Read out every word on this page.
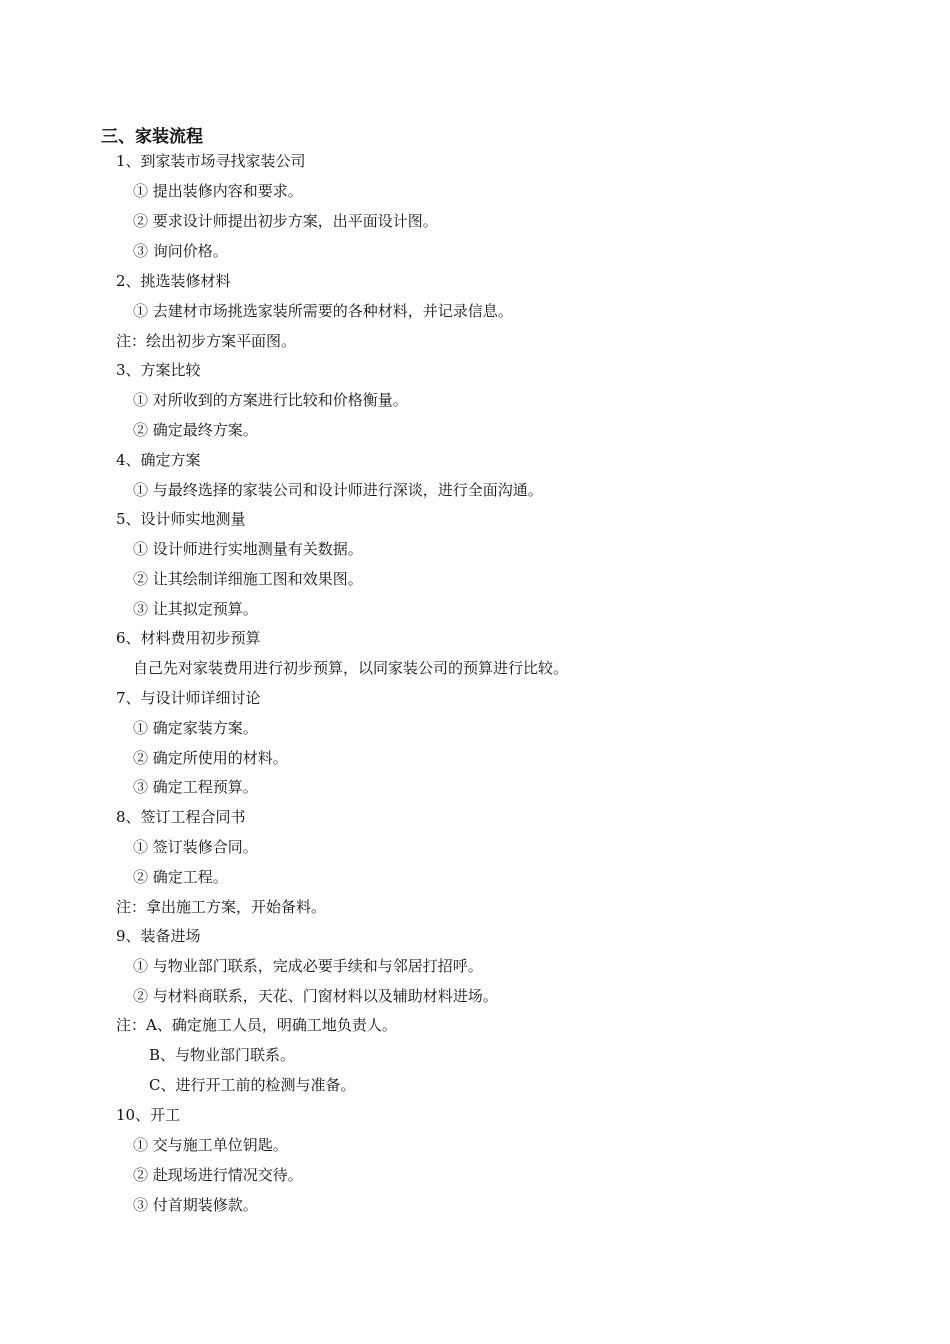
三、家装流程
1、到家装市场寻找家装公司
① 提出装修内容和要求。
② 要求设计师提出初步方案，出平面设计图。
③ 询问价格。
2、挑选装修材料
① 去建材市场挑选家装所需要的各种材料，并记录信息。
注：绘出初步方案平面图。
3、方案比较
① 对所收到的方案进行比较和价格衡量。
② 确定最终方案。
4、确定方案
① 与最终选择的家装公司和设计师进行深谈，进行全面沟通。
5、设计师实地测量
① 设计师进行实地测量有关数据。
② 让其绘制详细施工图和效果图。
③ 让其拟定预算。
6、材料费用初步预算
自己先对家装费用进行初步预算，以同家装公司的预算进行比较。
7、与设计师详细讨论
① 确定家装方案。
② 确定所使用的材料。
③ 确定工程预算。
8、签订工程合同书
① 签订装修合同。
② 确定工程。
注：拿出施工方案，开始备料。
9、装备进场
① 与物业部门联系，完成必要手续和与邻居打招呼。
② 与材料商联系，天花、门窗材料以及辅助材料进场。
注：A、确定施工人员，明确工地负责人。
B、与物业部门联系。
C、进行开工前的检测与准备。
10、开工
① 交与施工单位钥匙。
② 赴现场进行情况交待。
③ 付首期装修款。
